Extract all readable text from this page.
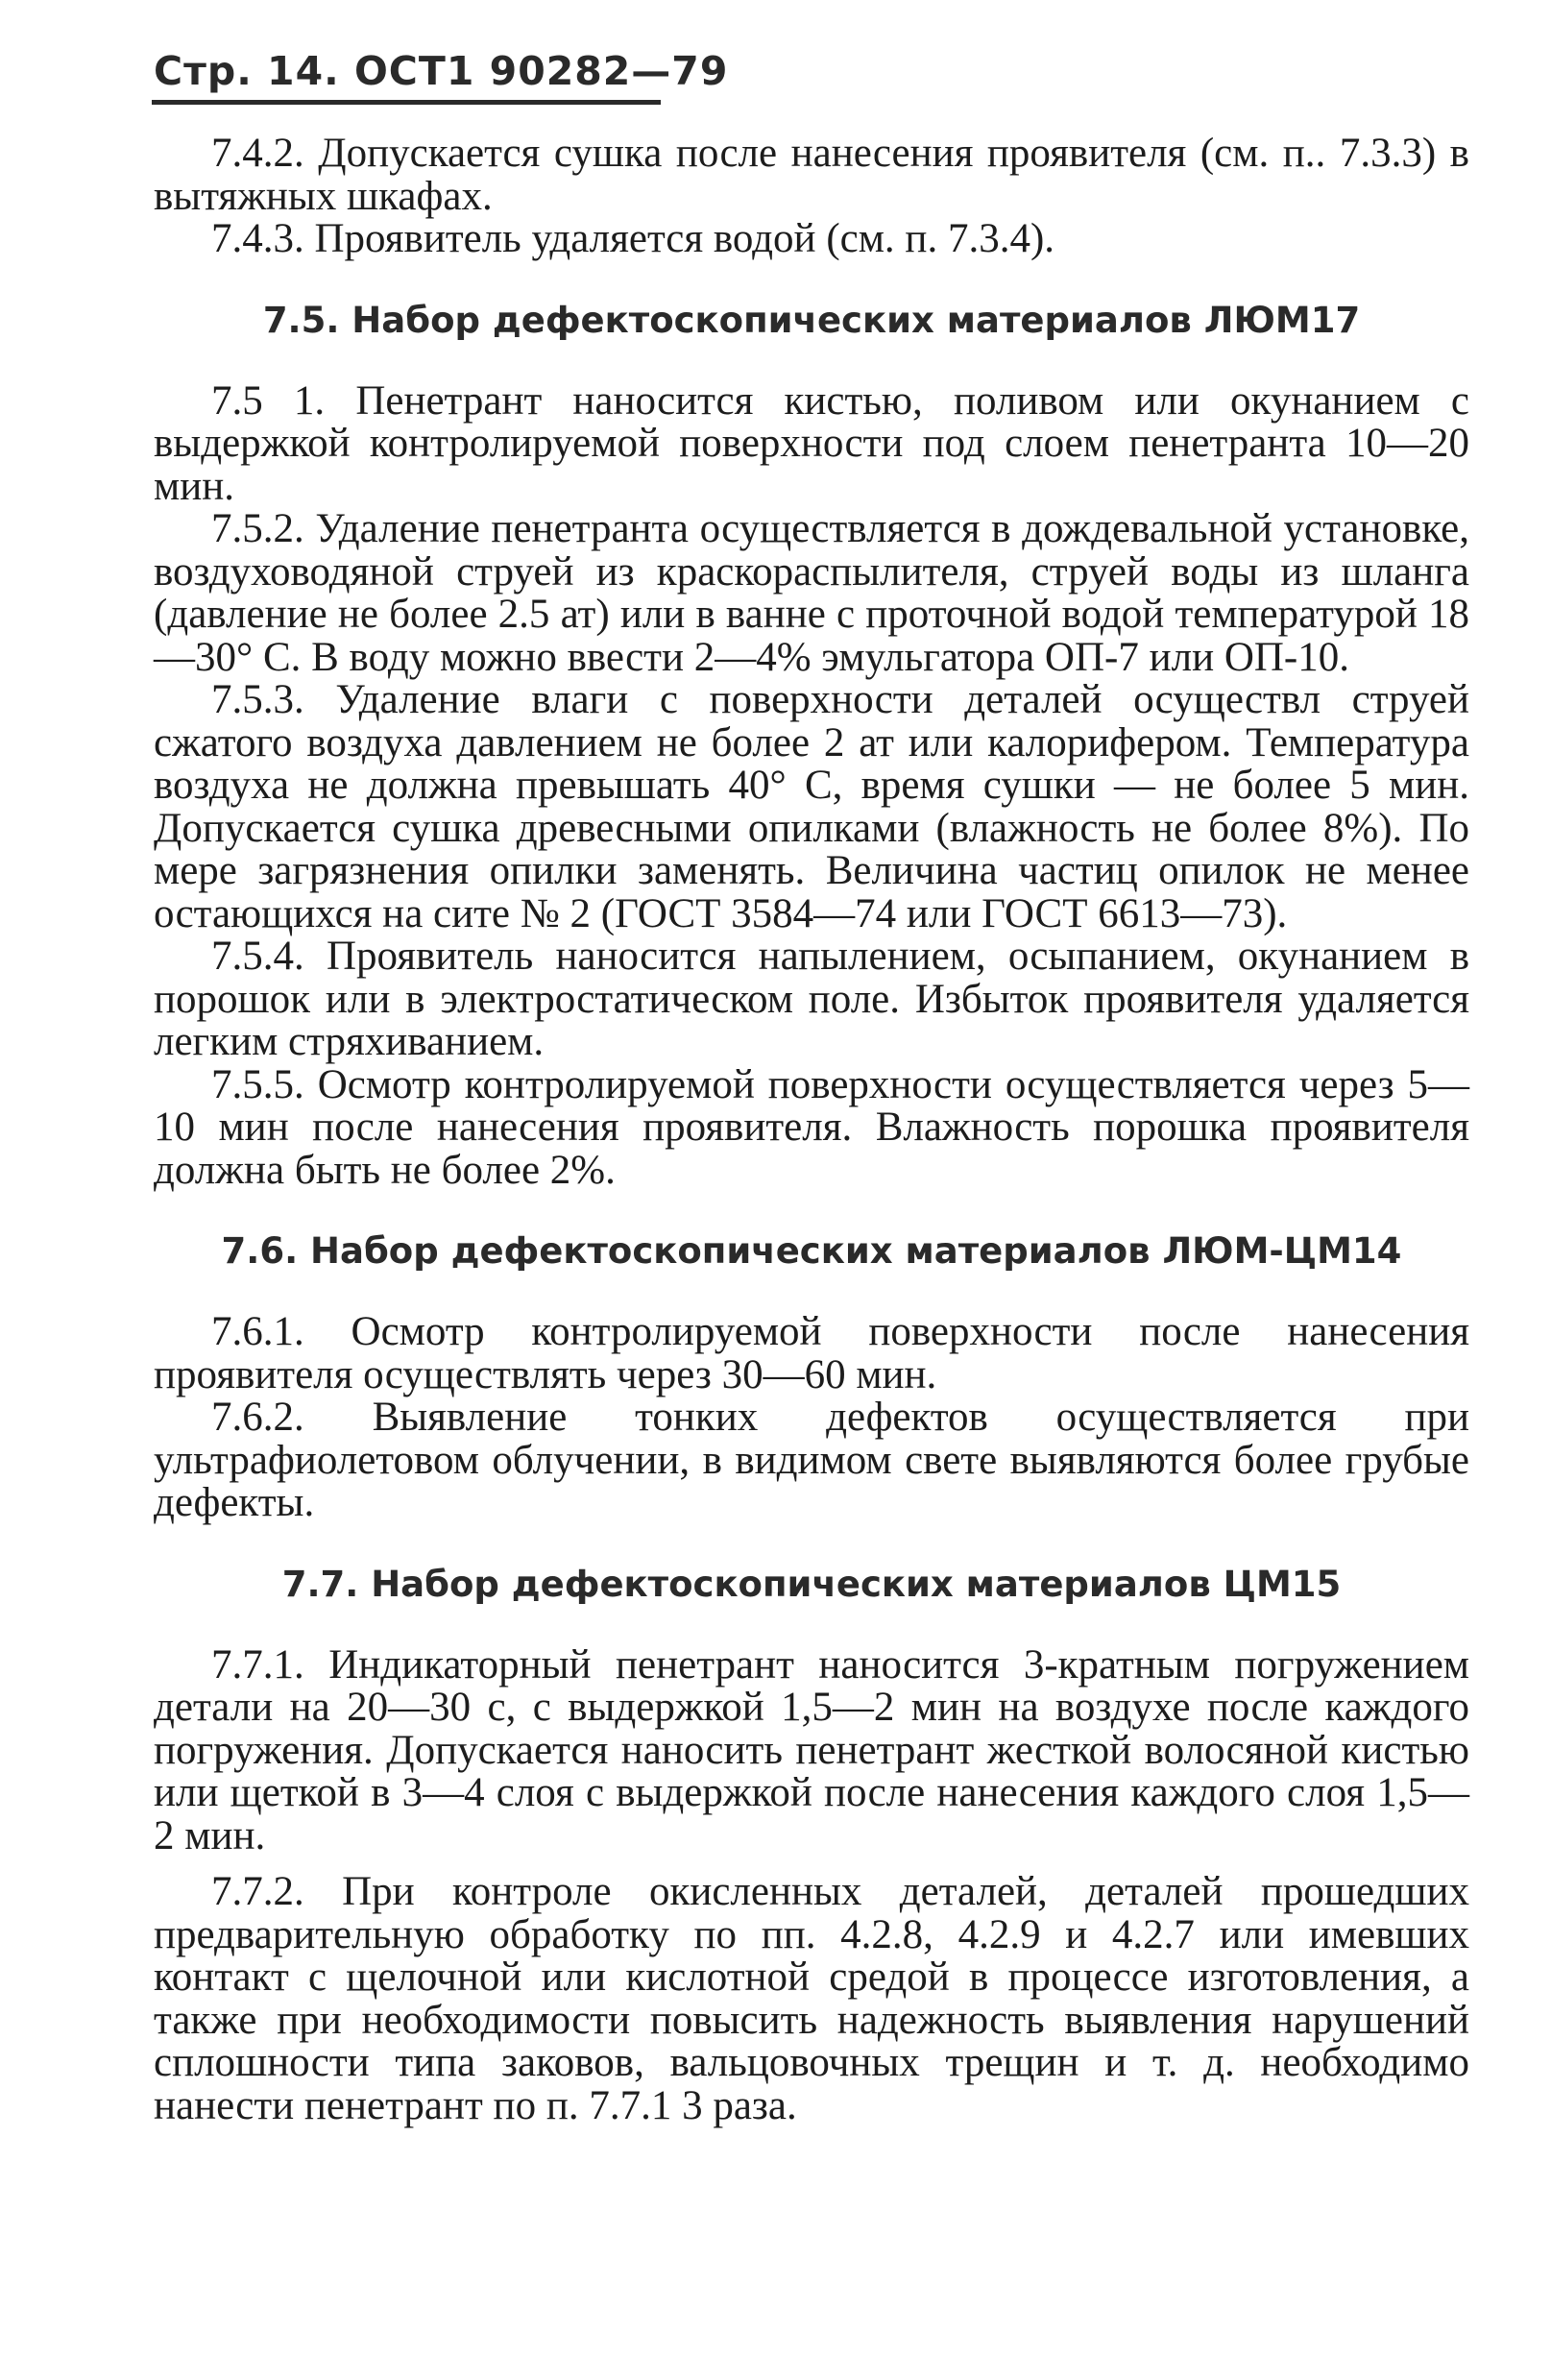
Стр. 14. ОСТ1 90282—79

7.4.2. Допускается сушка после нанесения проявителя (см. п.. 7.3.3) в вытяжных шкафах.

7.4.3. Проявитель удаляется водой (см. п. 7.3.4).

7.5. Набор дефектоскопических материалов ЛЮМ17

7.5 1. Пенетрант наносится кистью, поливом или окунанием с выдержкой контролируемой поверхности под слоем пенетранта 10—20 мин.

7.5.2. Удаление пенетранта осуществляется в дождевальной установке, воздуховодяной струей из краскораспылителя, струей воды из шланга (давление не более 2.5 ат) или в ванне с проточной водой температурой 18—30° С. В воду можно ввести 2—4% эмульгатора ОП-7 или ОП-10.

7.5.3. Удаление влаги с поверхности деталей осуществл струей сжатого воздуха давлением не более 2 ат или калорифером. Температура воздуха не должна превышать 40° С, время сушки — не более 5 мин. Допускается сушка древесными опилками (влажность не более 8%). По мере загрязнения опилки заменять. Величина частиц опилок не менее остающихся на сите № 2 (ГОСТ 3584—74 или ГОСТ 6613—73).

7.5.4. Проявитель наносится напылением, осыпанием, окунанием в порошок или в электростатическом поле. Избыток проявителя удаляется легким стряхиванием.

7.5.5. Осмотр контролируемой поверхности осуществляется через 5—10 мин после нанесения проявителя. Влажность порошка проявителя должна быть не более 2%.

7.6. Набор дефектоскопических материалов ЛЮМ-ЦМ14

7.6.1. Осмотр контролируемой поверхности после нанесения проявителя осуществлять через 30—60 мин.

7.6.2. Выявление тонких дефектов осуществляется при ультрафиолетовом облучении, в видимом свете выявляются более грубые дефекты.

7.7. Набор дефектоскопических материалов ЦМ15

7.7.1. Индикаторный пенетрант наносится 3-кратным погружением детали на 20—30 с, с выдержкой 1,5—2 мин на воздухе после каждого погружения. Допускается наносить пенетрант жесткой волосяной кистью или щеткой в 3—4 слоя с выдержкой после нанесения каждого слоя 1,5—2 мин.

7.7.2. При контроле окисленных деталей, деталей прошедших предварительную обработку по пп. 4.2.8, 4.2.9 и 4.2.7 или имевших контакт с щелочной или кислотной средой в процессе изготовления, а также при необходимости повысить надежность выявления нарушений сплошности типа заковов, вальцовочных трещин и т. д. необходимо нанести пенетрант по п. 7.7.1 3 раза.
